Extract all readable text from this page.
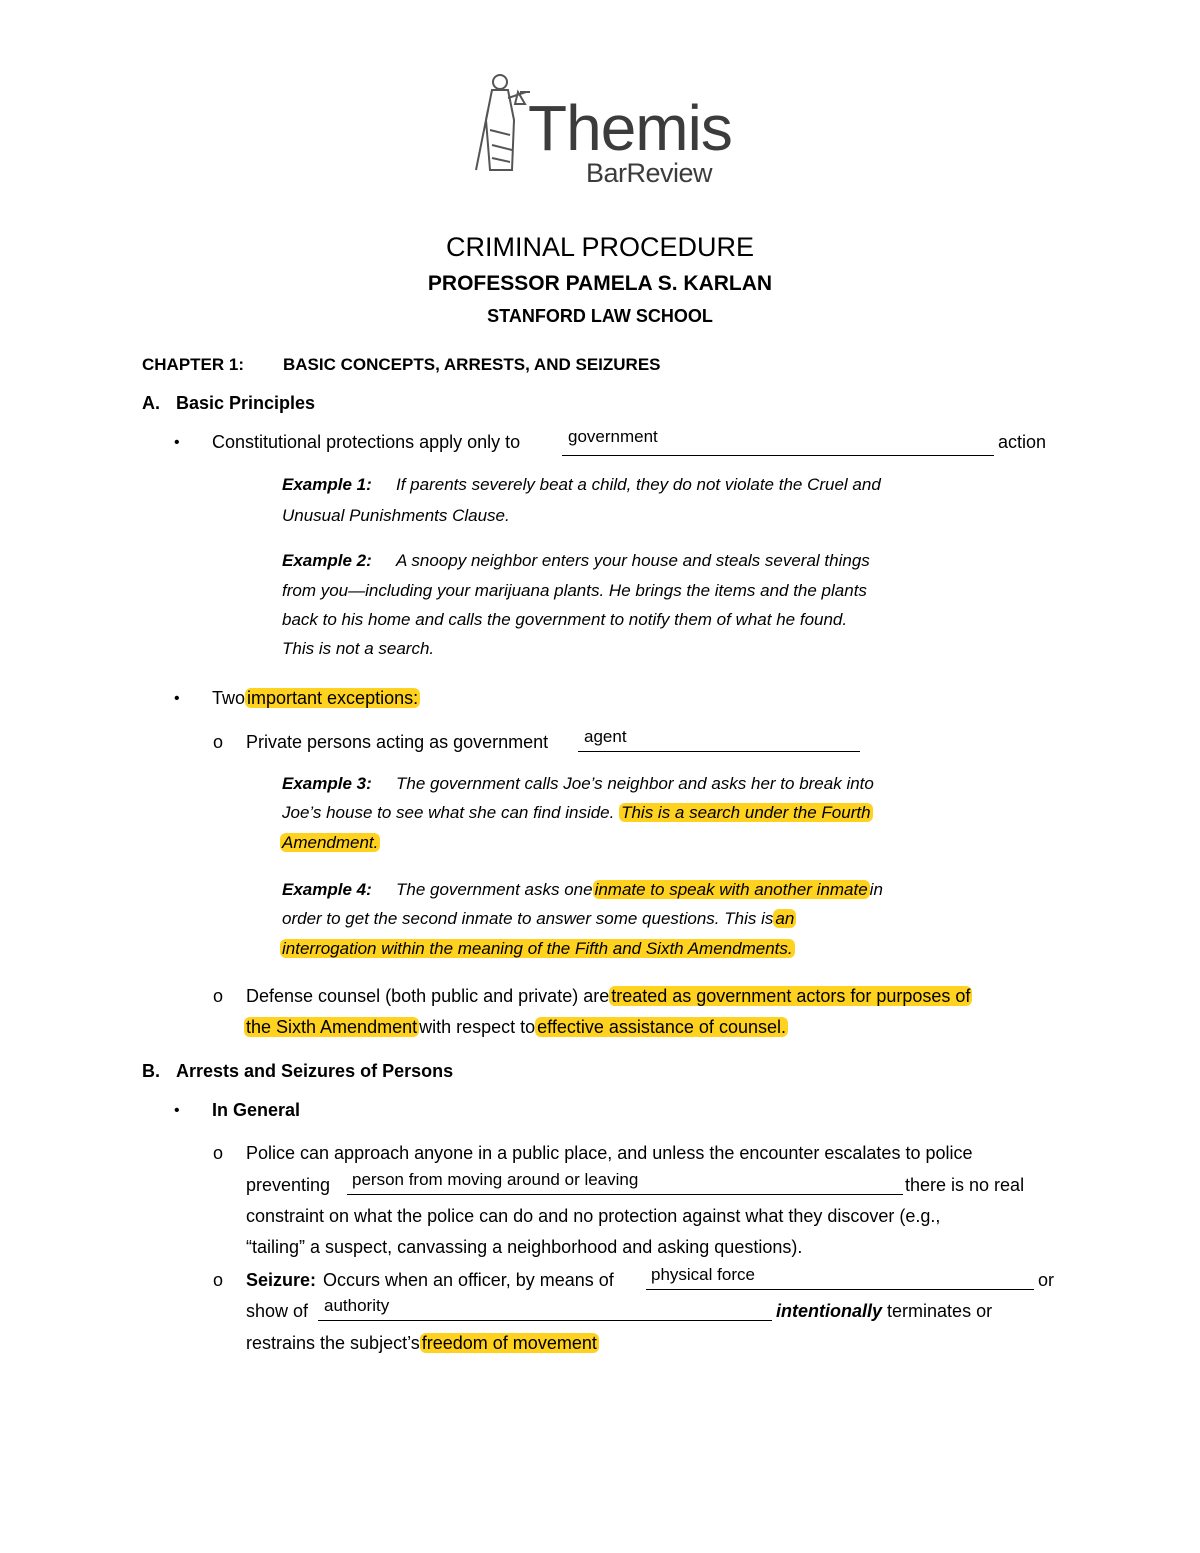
Themis
BarReview
CRIMINAL PROCEDURE
PROFESSOR PAMELA S. KARLAN
STANFORD LAW SCHOOL
CHAPTER 1: BASIC CONCEPTS, ARRESTS, AND SEIZURES
A. Basic Principles
• Constitutional protections apply only to	government	action
Example 1: If parents severely beat a child, they do not violate the Cruel and
Unusual Punishments Clause.
Example 2: A snoopy neighbor enters your house and steals several things
from you—including your marijuana plants. He brings the items and the plants
back to his home and calls the government to notify them of what he found.
This is not a search.
• Two important exceptions:
o Private persons acting as government agent
Example 3: The government calls Joe’s neighbor and asks her to break into
Joe’s house to see what she can find inside. This is a search under the Fourth
Amendment.
Example 4: The government asks one inmate to speak with another inmate in
order to get the second inmate to answer some questions. This is an
interrogation within the meaning of the Fifth and Sixth Amendments.
o Defense counsel (both public and private) are treated as government actors for purposes of
the Sixth Amendment with respect to effective assistance of counsel.
B. Arrests and Seizures of Persons
• In General
o Police can approach anyone in a public place, and unless the encounter escalates to police
preventing person from moving around or leaving	there is no real
constraint on what the police can do and no protection against what they discover (e.g.,
“tailing” a suspect, canvassing a neighborhood and asking questions).
o Seizure: Occurs when an officer, by means of physical force	or
show of authority	intentionally terminates or
restrains the subject’s freedom of movement
